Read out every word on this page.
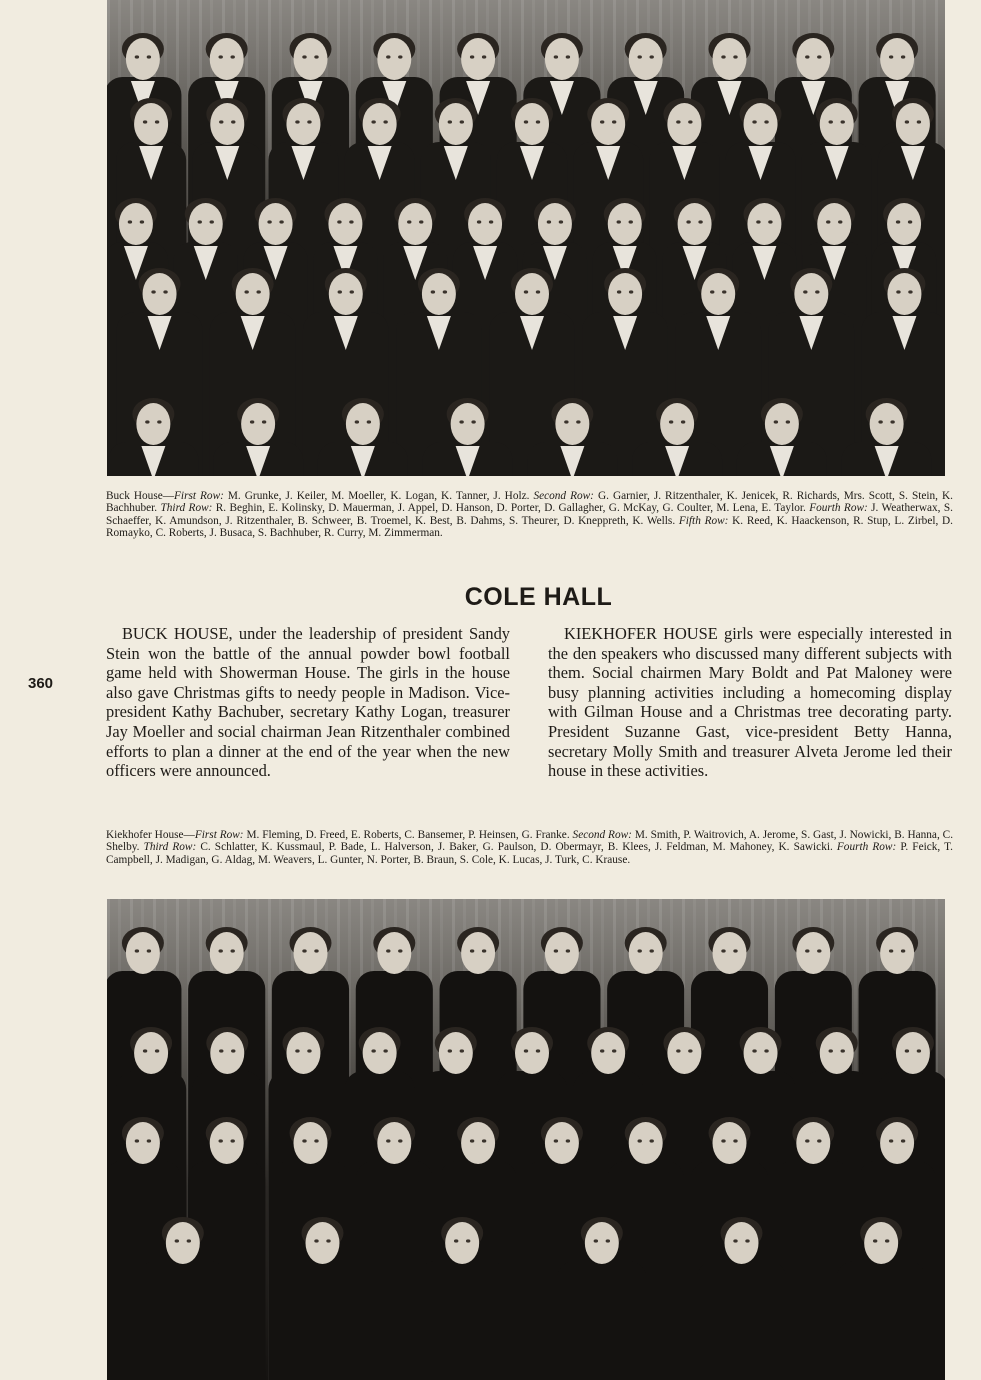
Buck House—First Row: M. Grunke, J. Keiler, M. Moeller, K. Logan, K. Tanner, J. Holz. Second Row: G. Garnier, J. Ritzenthaler, K. Jenicek, R. Richards, Mrs. Scott, S. Stein, K. Bachhuber. Third Row: R. Beghin, E. Kolinsky, D. Mauerman, J. Appel, D. Hanson, D. Porter, D. Gallagher, G. McKay, G. Coulter, M. Lena, E. Taylor. Fourth Row: J. Weatherwax, S. Schaeffer, K. Amundson, J. Ritzenthaler, B. Schweer, B. Troemel, K. Best, B. Dahms, S. Theurer, D. Kneppreth, K. Wells. Fifth Row: K. Reed, K. Haackenson, R. Stup, L. Zirbel, D. Romayko, C. Roberts, J. Busaca, S. Bachhuber, R. Curry, M. Zimmerman.
COLE HALL
360

BUCK HOUSE, under the leadership of president Sandy Stein won the battle of the annual powder bowl football game held with Showerman House. The girls in the house also gave Christmas gifts to needy people in Madison. Vice-president Kathy Bachuber, secretary Kathy Logan, treasurer Jay Moeller and social chairman Jean Ritzenthaler combined efforts to plan a dinner at the end of the year when the new officers were announced.

KIEKHOFER HOUSE girls were especially interested in the den speakers who discussed many different subjects with them. Social chairmen Mary Boldt and Pat Maloney were busy planning activities including a homecoming display with Gilman House and a Christmas tree decorating party. President Suzanne Gast, vice-president Betty Hanna, secretary Molly Smith and treasurer Alveta Jerome led their house in these activities.

Kiekhofer House—First Row: M. Fleming, D. Freed, E. Roberts, C. Bansemer, P. Heinsen, G. Franke. Second Row: M. Smith, P. Waitrovich, A. Jerome, S. Gast, J. Nowicki, B. Hanna, C. Shelby. Third Row: C. Schlatter, K. Kussmaul, P. Bade, L. Halverson, J. Baker, G. Paulson, D. Obermayr, B. Klees, J. Feldman, M. Mahoney, K. Sawicki. Fourth Row: P. Feick, T. Campbell, J. Madigan, G. Aldag, M. Weavers, L. Gunter, N. Porter, B. Braun, S. Cole, K. Lucas, J. Turk, C. Krause.
